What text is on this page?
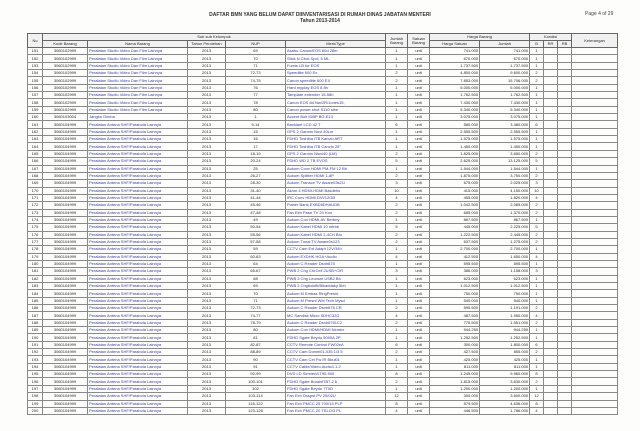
DAFTAR BMN YANG BELUM DAPAT DIINVENTARISASI DI RUMAH DINAS JABATAN MENTERI
Tahun 2013-2014
Page 4 of 29
No	Sub sub Kelompok					Jumlah Barang	Satuan Barang	Harga Barang		Kondisi			Keterangan
	Kode Barang	Nama Barang	Tahun Perolehan	NUP	Merk/Type								
								Harga Satuan	Jumlah	B	RR	RB	
151	3060102999	Peralatan Studio Video Dan Film Lainnya	2013	69	Asahu Canon/EOS 60d 28m	1	unit	741.000	741.000	1			
152	3060102999	Peralatan Studio Video Dan Film Lainnya	2013	70	Stick N Click Spcl, 5 ML	1	unit	670.000	670.000	1			
153	3060102999	Peralatan Studio Video Dan Film Lainnya	2013	71	Fumis LB for EOS	1	unit	1.737.500	1.737.500	1			
154	3060102999	Peralatan Studio Video Dan Film Lainnya	2013	72-73	Speedlite 600 Ex	2	unit	4.800.000	9.600.000	2			
155	3060102999	Peralatan Studio Video Dan Film Lainnya	2013	74-75	Canon speedlite 600 EX	2	unit	7.853.000	15.706.000	2			
156	3060102999	Peralatan Studio Video Dan Film Lainnya	2013	76	Hard myplay EOS 8 8h	1	unit	5.000.000	5.000.000	1			
157	3060102999	Peralatan Studio Video Dan Film Lainnya	2013	77	Tamplate extender 15-58h	1	unit	1.762.500	1.762.500	1			
158	3060102999	Peralatan Studio Video Dan Film Lainnya	2013	78	Canon EOS 6d Nw/2R/1ones15,	1	unit	7.430.000	7.430.000	1			
159	3060102999	Peralatan Studio Video Dan Film Lainnya	2013	80	Canon power shot S110 sihe	1	unit	5.340.000	5.340.000	1			
160	3060103004	Jangka Gimba	2013	1	Accent Bolt IDBP BG-E13	1	unit	3.075.000	3.075.000	1			
161	3060104999	Peralatan Antena SHF/Parabola Lainnya	2013	9-14	Backlant LCD 42 T	6	unit	580.000	3.480.000	6			
162	3060104999	Peralatan Antena SHF/Parabola Lainnya	2013	15	GPS 2 Garmin Nuvi 40Lm	1	unit	2.555.500	2.555.500	1			
163	3060104999	Peralatan Antena SHF/Parabola Lainnya	2013	16	FDHD Toshiba ITB Kanvio ART	1	unit	1.575.000	1.575.000	1			
164	3060104999	Peralatan Antena SHF/Parabola Lainnya	2013	17	FDHD Toshiba ITB Canvio 25"	1	unit	1.450.000	1.450.000	1			
165	3060104999	Peralatan Antena SHF/Parabola Lainnya	2013	18-19	GPS 2 Garmin Nluvi40 (LM)	2	unit	1.825.000	3.650.000	2			
166	3060104999	Peralatan Antena SHF/Parabola Lainnya	2013	20-24	FDHD WD 2 TB EVOS	5	unit	2.625.000	13.125.000	5			
167	3060104999	Peralatan Antena SHF/Parabola Lainnya	2013	25	Aukom Conv HDMI PM-FM 12 Bh	1	unit	1.544.000	1.544.000	1			
168	3060104999	Peralatan Antena SHF/Parabola Lainnya	2013	26-27	Aukom Splitter HDMI 1-8P	2	unit	1.875.000	3.750.000	2			
169	3060104999	Peralatan Antena SHF/Parabola Lainnya	2013	28-30	Aukom Transce TV Aware03s21i	3	unit	675.000	2.025.000	3			
170	3060104999	Peralatan Antena SHF/Parabola Lainnya	2013	31-40	Aknm 4 HDMI-HDMI Bakdbhs	10	unit	415.000	4.150.000	10			
171	3060104999	Peralatan Antena SHF/Parabola Lainnya	2013	41-44	IRC Conv HDMI-DVI/12GB	4	unit	455.000	1.820.000	4			
172	3060104999	Peralatan Antena SHF/Parabola Lainnya	2013	45-46	Power Bank EXBD8DHAUDB	2	unit	1.042.500	2.085.000	2			
173	3060104999	Peralatan Antena SHF/Parabola Lainnya	2013	47-48	Fan Ekh Pase TV 20 Kon	2	unit	685.000	1.370.000	2			
174	3060104999	Peralatan Antena SHF/Parabola Lainnya	2013	49	Aukom Con HDMI-AV Berbny	1	unit	867.500	867.500	1			
175	3060104999	Peralatan Antena SHF/Parabola Lainnya	2013	50-54	Aukom Kabel HDMI 10 mtrbb	5	unit	445.000	2.225.000	5			
176	3060104999	Peralatan Antena SHF/Parabola Lainnya	2013	55-56	Aukom Kabel HDMI 2-4CH Bro	2	unit	1.222.500	2.445.000	2			
177	3060104999	Peralatan Antena SHF/Parabola Lainnya	2013	57-58	Aukom Tunai TV Aware0s123	2	unit	637.500	1.275.000	2			
178	3060104999	Peralatan Antena SHF/Parabola Lainnya	2013	59	CCTV Cam Ext Adapt 12V/34h	1	unit	2.700.000	2.700.000	1			
179	3060104999	Peralatan Antena SHF/Parabola Lainnya	2013	60-63	Aukom EXDHK HGA+Audio	4	unit	412.500	1.650.000	4			
180	3060104999	Peralatan Antena SHF/Parabola Lainnya	2013	64	Aukom C Reader Dsnh875	1	unit	595.500	595.500	1			
181	3060104999	Peralatan Antena SHF/Parabola Lainnya	2013	65-67	PWB 2 Chg ChrCell 2USB+CIR	3	unit	386.000	1.158.000	3			
182	3060104999	Peralatan Antena SHF/Parabola Lainnya	2013	68	PWB 3 Chg Leonsm USB2 Bh	1	unit	623.000	623.000	1			
183	3060104999	Peralatan Antena SHF/Parabola Lainnya	2013	69	PWB 2 Chg6xlnflt/Blkaddaky 5bh	1	unit	1.012.500	1.012.500	1			
184	3060104999	Peralatan Antena SHF/Parabola Lainnya	2013	70	Aukom M Embas RingPresnt	1	unit	750.000	750.000	1			
185	3060104999	Peralatan Antena SHF/Parabola Lainnya	2013	71	Aukom M Presnt Wbl Tech Mysd	1	unit	540.000	540.000	1			
186	3060104999	Peralatan Antena SHF/Parabola Lainnya	2013	72-73	Aukom C Reader Dsnh876 CR	2	unit	595.500	1.191.000	2			
187	3060104999	Peralatan Antena SHF/Parabola Lainnya	2013	74-77	MC Sandisk Micro SDHC32G	4	unit	487.500	1.950.000	4			
188	3060104999	Peralatan Antena SHF/Parabola Lainnya	2013	78-79	Aukom C Reader Dsnh8761C2	2	unit	775.500	1.551.000	2			
189	3060104999	Peralatan Antena SHF/Parabola Lainnya	2013	80	Aukom Con HDMI/HDMI Nirmbx	1	unit	944.250	944.250	1			
190	3060104999	Peralatan Antena SHF/Parabola Lainnya	2013	81	FDHD Sgate Beydu 5000A 2P	1	unit	1.252.500	1.252.500	1			
191	3060104999	Peralatan Antena SHF/Parabola Lainnya	2013	82-87	CCTV Remote Control FW02eA	6	unit	300.000	1.800.000	6			
192	3060104999	Peralatan Antena SHF/Parabola Lainnya	2013	88-89	CCTV Cam Domel01-035 1/3 5	2	unit	427.500	855.000	2			
193	3060104999	Peralatan Antena SHF/Parabola Lainnya	2013	90	CCTV Cam Cet Fw IR Bbul01	1	unit	425.000	425.000	1			
194	3060104999	Peralatan Antena SHF/Parabola Lainnya	2013	91	CCTV Cable/Video Audio1.1.2	1	unit	811.000	811.000	1			
195	3060104999	Peralatan Antena SHF/Parabola Lainnya	2013	92-99	DVD LD Simnerl/LT90-900	8	unit	1.245.000	9.960.000	8			
196	3060104999	Peralatan Antena SHF/Parabola Lainnya	2013	100-101	FDHD Sgate Broalsf7B7.2 6	2	unit	1.815.000	3.630.000	2			
197	3060104999	Peralatan Antena SHF/Parabola Lainnya	2013	102	FDHD Sgate Beydu 7T0D	1	unit	1.200.000	1.200.000	1			
198	3060104999	Peralatan Antena SHF/Parabola Lainnya	2013	103-114	Fan Exh Dsspst PV 20/02U	12	unit	300.000	3.600.000	12			
199	3060104999	Peralatan Antena SHF/Parabola Lainnya	2013	115-122	Fan Exh PMCC 25 700/15 PLP	8	unit	579.500	4.636.000	8			
200	3060104999	Peralatan Antena SHF/Parabola Lainnya	2013	123-126	Fan Exh PMCC 20 TELO/3 PL	4	unit	446.500	1.786.000	4			
